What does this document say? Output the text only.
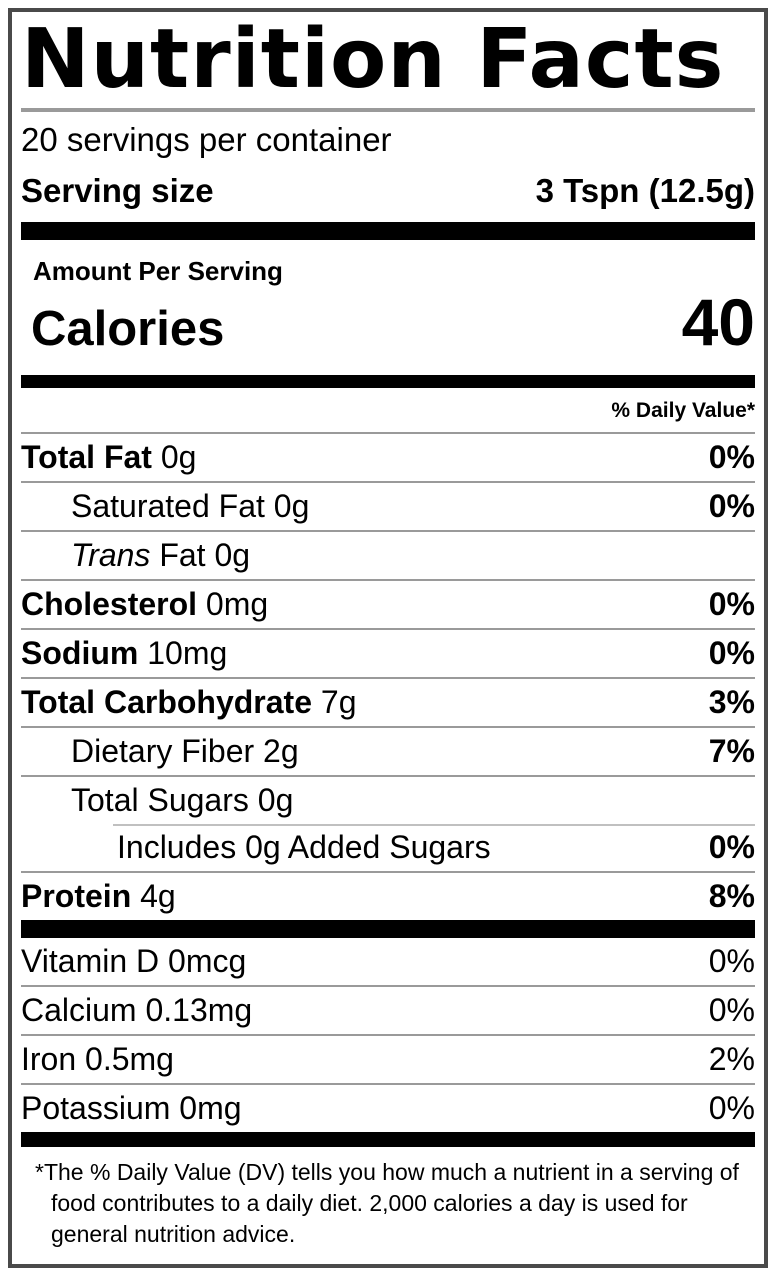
Nutrition Facts
20 servings per container
Serving size	3 Tspn (12.5g)
Amount Per Serving
Calories	40
% Daily Value*
Total Fat 0g	0%
Saturated Fat 0g	0%
Trans Fat 0g
Cholesterol 0mg	0%
Sodium 10mg	0%
Total Carbohydrate 7g	3%
Dietary Fiber 2g	7%
Total Sugars 0g
Includes 0g Added Sugars	0%
Protein 4g	8%
Vitamin D 0mcg	0%
Calcium 0.13mg	0%
Iron 0.5mg	2%
Potassium 0mg	0%
*The % Daily Value (DV) tells you how much a nutrient in a serving of food contributes to a daily diet. 2,000 calories a day is used for general nutrition advice.
